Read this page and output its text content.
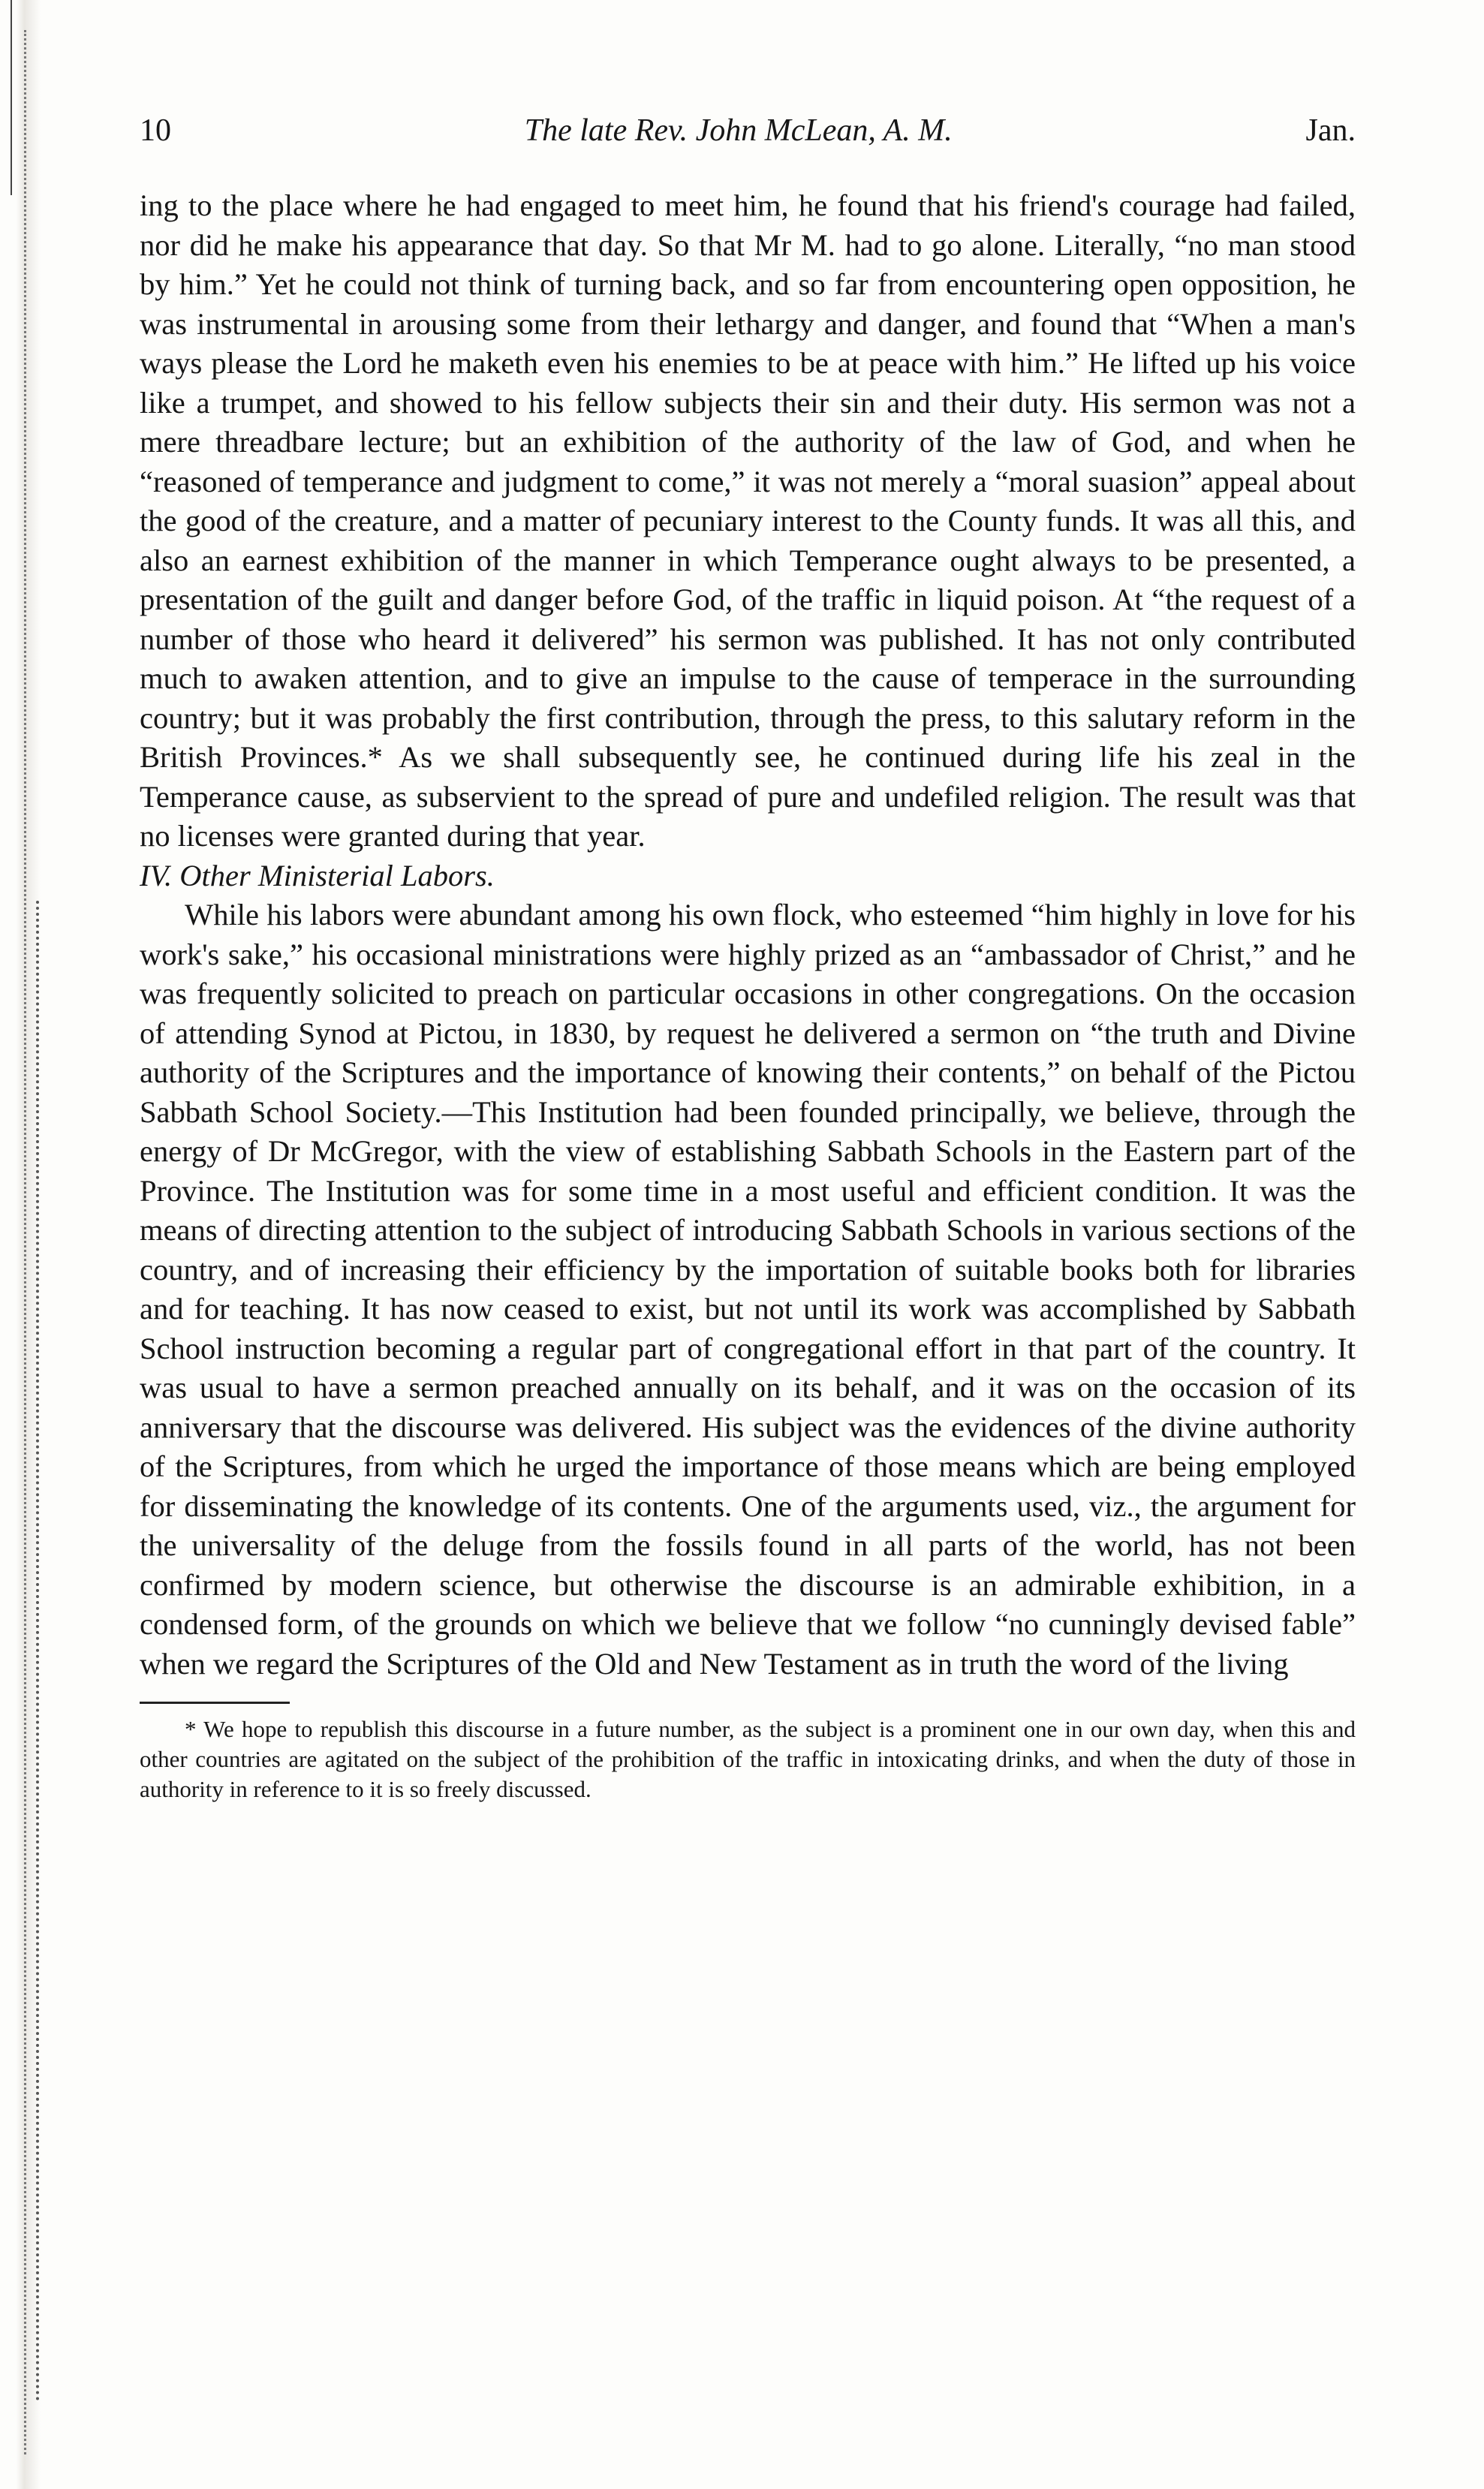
10	The late Rev. John McLean, A. M.	Jan.

ing to the place where he had engaged to meet him, he found that his friend's courage had failed, nor did he make his appearance that day. So that Mr M. had to go alone. Literally, “no man stood by him.” Yet he could not think of turning back, and so far from encountering open opposition, he was instrumental in arousing some from their lethargy and danger, and found that “When a man's ways please the Lord he maketh even his enemies to be at peace with him.” He lifted up his voice like a trumpet, and showed to his fellow subjects their sin and their duty. His sermon was not a mere threadbare lecture; but an exhibition of the authority of the law of God, and when he “reasoned of temperance and judgment to come,” it was not merely a “moral suasion” appeal about the good of the creature, and a matter of pecuniary interest to the County funds. It was all this, and also an earnest exhibition of the manner in which Temperance ought always to be presented, a presentation of the guilt and danger before God, of the traffic in liquid poison. At “the request of a number of those who heard it delivered” his sermon was published. It has not only contributed much to awaken attention, and to give an impulse to the cause of temperace in the surrounding country; but it was probably the first contribution, through the press, to this salutary reform in the British Provinces.* As we shall subsequently see, he continued during life his zeal in the Temperance cause, as subservient to the spread of pure and undefiled religion. The result was that no licenses were granted during that year.

IV. Other Ministerial Labors.

While his labors were abundant among his own flock, who esteemed “him highly in love for his work's sake,” his occasional ministrations were highly prized as an “ambassador of Christ,” and he was frequently solicited to preach on particular occasions in other congregations. On the occasion of attending Synod at Pictou, in 1830, by request he delivered a sermon on “the truth and Divine authority of the Scriptures and the importance of knowing their contents,” on behalf of the Pictou Sabbath School Society.—This Institution had been founded principally, we believe, through the energy of Dr McGregor, with the view of establishing Sabbath Schools in the Eastern part of the Province. The Institution was for some time in a most useful and efficient condition. It was the means of directing attention to the subject of introducing Sabbath Schools in various sections of the country, and of increasing their efficiency by the importation of suitable books both for libraries and for teaching. It has now ceased to exist, but not until its work was accomplished by Sabbath School instruction becoming a regular part of congregational effort in that part of the country. It was usual to have a sermon preached annually on its behalf, and it was on the occasion of its anniversary that the discourse was delivered. His subject was the evidences of the divine authority of the Scriptures, from which he urged the importance of those means which are being employed for disseminating the knowledge of its contents. One of the arguments used, viz., the argument for the universality of the deluge from the fossils found in all parts of the world, has not been confirmed by modern science, but otherwise the discourse is an admirable exhibition, in a condensed form, of the grounds on which we believe that we follow “no cunningly devised fable” when we regard the Scriptures of the Old and New Testament as in truth the word of the living

* We hope to republish this discourse in a future number, as the subject is a prominent one in our own day, when this and other countries are agitated on the subject of the prohibition of the traffic in intoxicating drinks, and when the duty of those in authority in reference to it is so freely discussed.
